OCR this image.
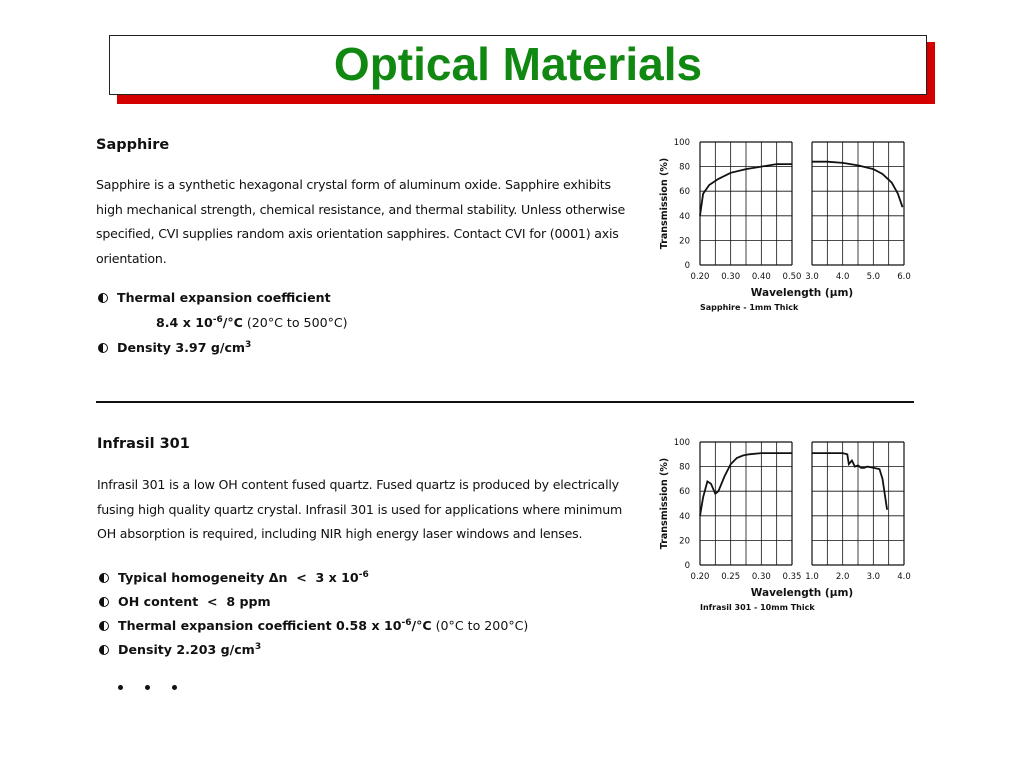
Optical Materials
Sapphire
Sapphire is a synthetic hexagonal crystal form of aluminum oxide. Sapphire exhibits
high mechanical strength, chemical resistance, and thermal stability. Unless otherwise
specified, CVI supplies random axis orientation sapphires. Contact CVI for (0001) axis
orientation.
Thermal expansion coefficient
8.4 x $10^{-6}/^\circ C$ (20°C to 500°C)
Density 3.97 $g/cm^3$
Infrasil 301
Infrasil 301 is a low OH content fused quartz. Fused quartz is produced by electrically
fusing high quality quartz crystal. Infrasil 301 is used for applications where minimum
OH absorption is required, including NIR high energy laser windows and lenses.
Typical homogeneity Δn  <  3 x $10^{-6}$
OH content  <  8 ppm
Thermal expansion coefficient 0.58 x $10^{-6}/^\circ C$ (0°C to 200°C)
Density 2.203 $g/cm^3$
0
20
40
60
80
100
Transmission (%)
0.20 0.30 0.40 0.50 3.0 4.0 5.0 6.0
Wavelength (μm)
Sapphire - 1mm Thick
0
20
40
60
80
100
Transmission (%)
0.20 0.25 0.30 0.35 1.0 2.0 3.0 4.0
Wavelength (μm)
Infrasil 301 - 10mm Thick
